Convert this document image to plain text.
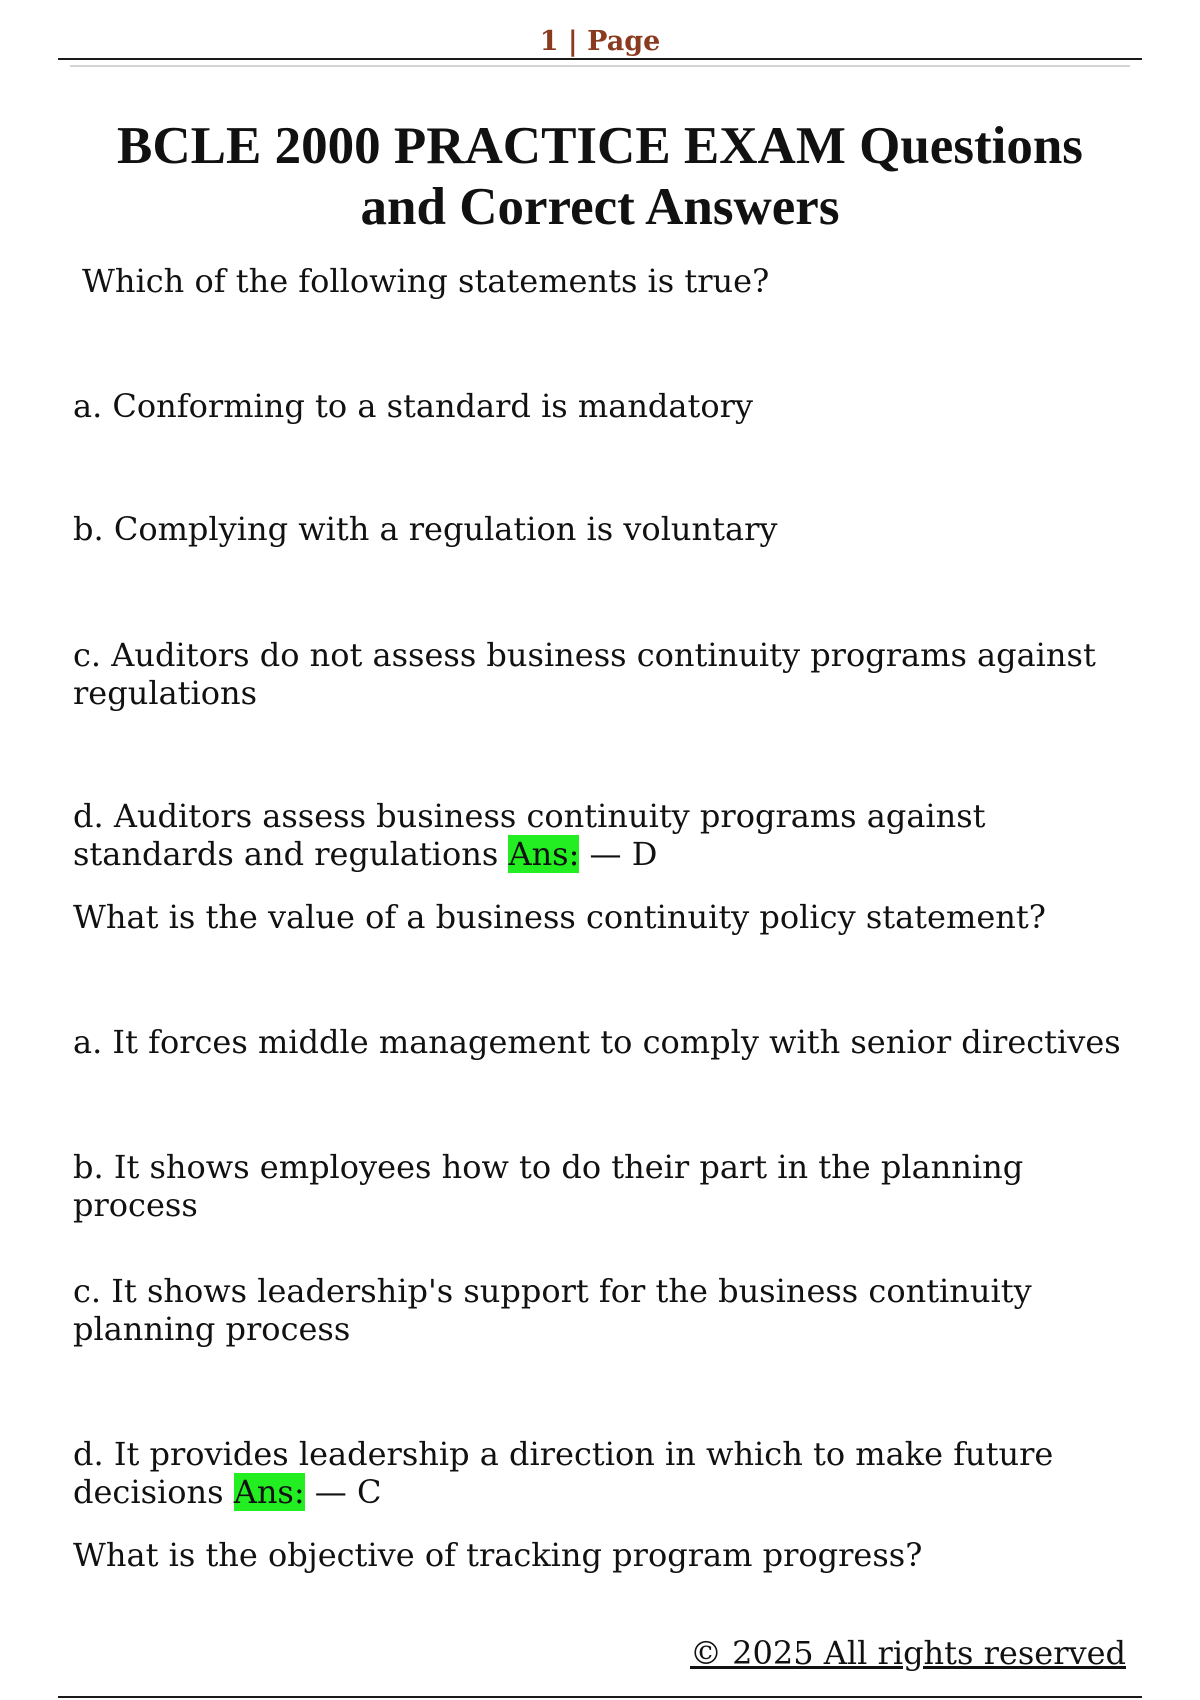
1 | Page
BCLE 2000 PRACTICE EXAM Questions and Correct Answers

Which of the following statements is true?

a. Conforming to a standard is mandatory

b. Complying with a regulation is voluntary

c. Auditors do not assess business continuity programs against regulations

d. Auditors assess business continuity programs against standards and regulations Ans: — D

What is the value of a business continuity policy statement?

a. It forces middle management to comply with senior directives

b. It shows employees how to do their part in the planning process

c. It shows leadership's support for the business continuity planning process

d. It provides leadership a direction in which to make future decisions Ans: — C

What is the objective of tracking program progress?

© 2025 All rights reserved
